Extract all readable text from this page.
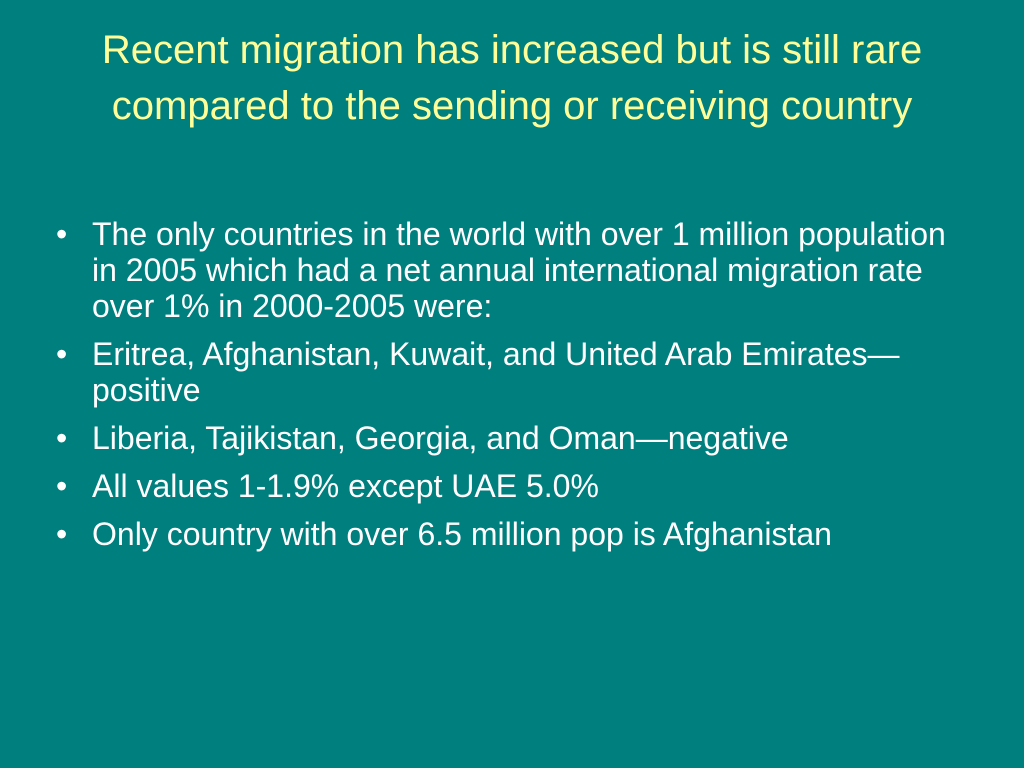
Recent migration has increased but is still rare compared to the sending or receiving country
• The only countries in the world with over 1 million population in 2005 which had a net annual international migration rate over 1% in 2000-2005 were:
• Eritrea, Afghanistan, Kuwait, and United Arab Emirates—positive
• Liberia, Tajikistan, Georgia, and Oman—negative
• All values 1-1.9% except UAE 5.0%
• Only country with over 6.5 million pop is Afghanistan
